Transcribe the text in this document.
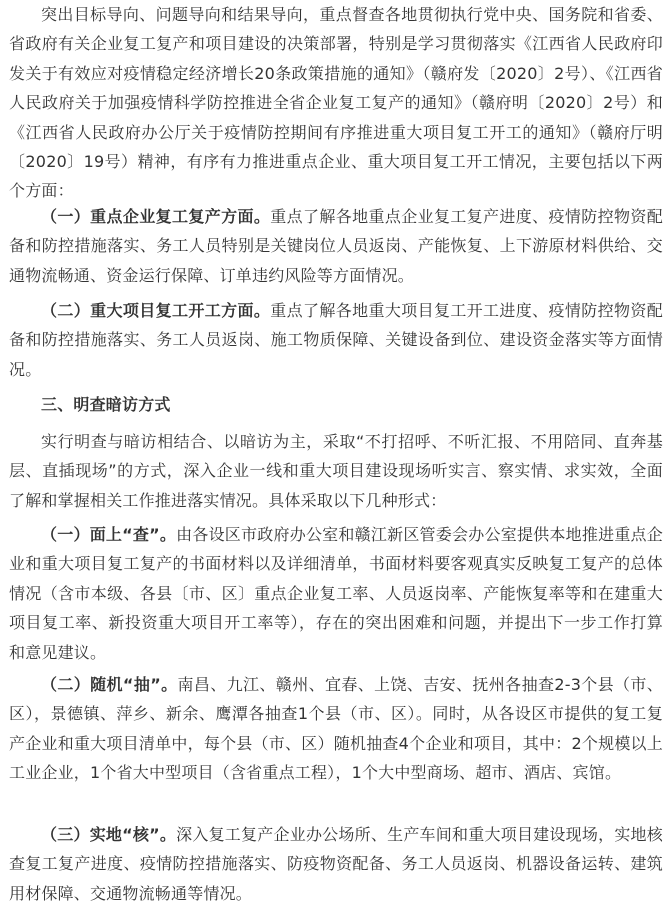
突出目标导向、问题导向和结果导向，重点督查各地贯彻执行党中央、国务院和省委、省政府有关企业复工复产和项目建设的决策部署，特别是学习贯彻落实《江西省人民政府印发关于有效应对疫情稳定经济增长20条政策措施的通知》（赣府发〔2020〕2号）、《江西省人民政府关于加强疫情科学防控推进全省企业复工复产的通知》（赣府明〔2020〕2号）和《江西省人民政府办公厅关于疫情防控期间有序推进重大项目复工开工的通知》（赣府厅明〔2020〕19号）精神，有序有力推进重点企业、重大项目复工开工情况，主要包括以下两个方面：

（一）重点企业复工复产方面。重点了解各地重点企业复工复产进度、疫情防控物资配备和防控措施落实、务工人员特别是关键岗位人员返岗、产能恢复、上下游原材料供给、交通物流畅通、资金运行保障、订单违约风险等方面情况。

（二）重大项目复工开工方面。重点了解各地重大项目复工开工进度、疫情防控物资配备和防控措施落实、务工人员返岗、施工物质保障、关键设备到位、建设资金落实等方面情况。

三、明查暗访方式

实行明查与暗访相结合、以暗访为主，采取“不打招呼、不听汇报、不用陪同、直奔基层、直插现场”的方式，深入企业一线和重大项目建设现场听实言、察实情、求实效，全面了解和掌握相关工作推进落实情况。具体采取以下几种形式：

（一）面上“查”。由各设区市政府办公室和赣江新区管委会办公室提供本地推进重点企业和重大项目复工复产的书面材料以及详细清单，书面材料要客观真实反映复工复产的总体情况（含市本级、各县〔市、区〕重点企业复工率、人员返岗率、产能恢复率等和在建重大项目复工率、新投资重大项目开工率等），存在的突出困难和问题，并提出下一步工作打算和意见建议。

（二）随机“抽”。南昌、九江、赣州、宜春、上饶、吉安、抚州各抽查2-3个县（市、区），景德镇、萍乡、新余、鹰潭各抽查1个县（市、区）。同时，从各设区市提供的复工复产企业和重大项目清单中，每个县（市、区）随机抽查4个企业和项目，其中：2个规模以上工业企业，1个省大中型项目（含省重点工程），1个大中型商场、超市、酒店、宾馆。

（三）实地“核”。深入复工复产企业办公场所、生产车间和重大项目建设现场，实地核查复工复产进度、疫情防控措施落实、防疫物资配备、务工人员返岗、机器设备运转、建筑用材保障、交通物流畅通等情况。
